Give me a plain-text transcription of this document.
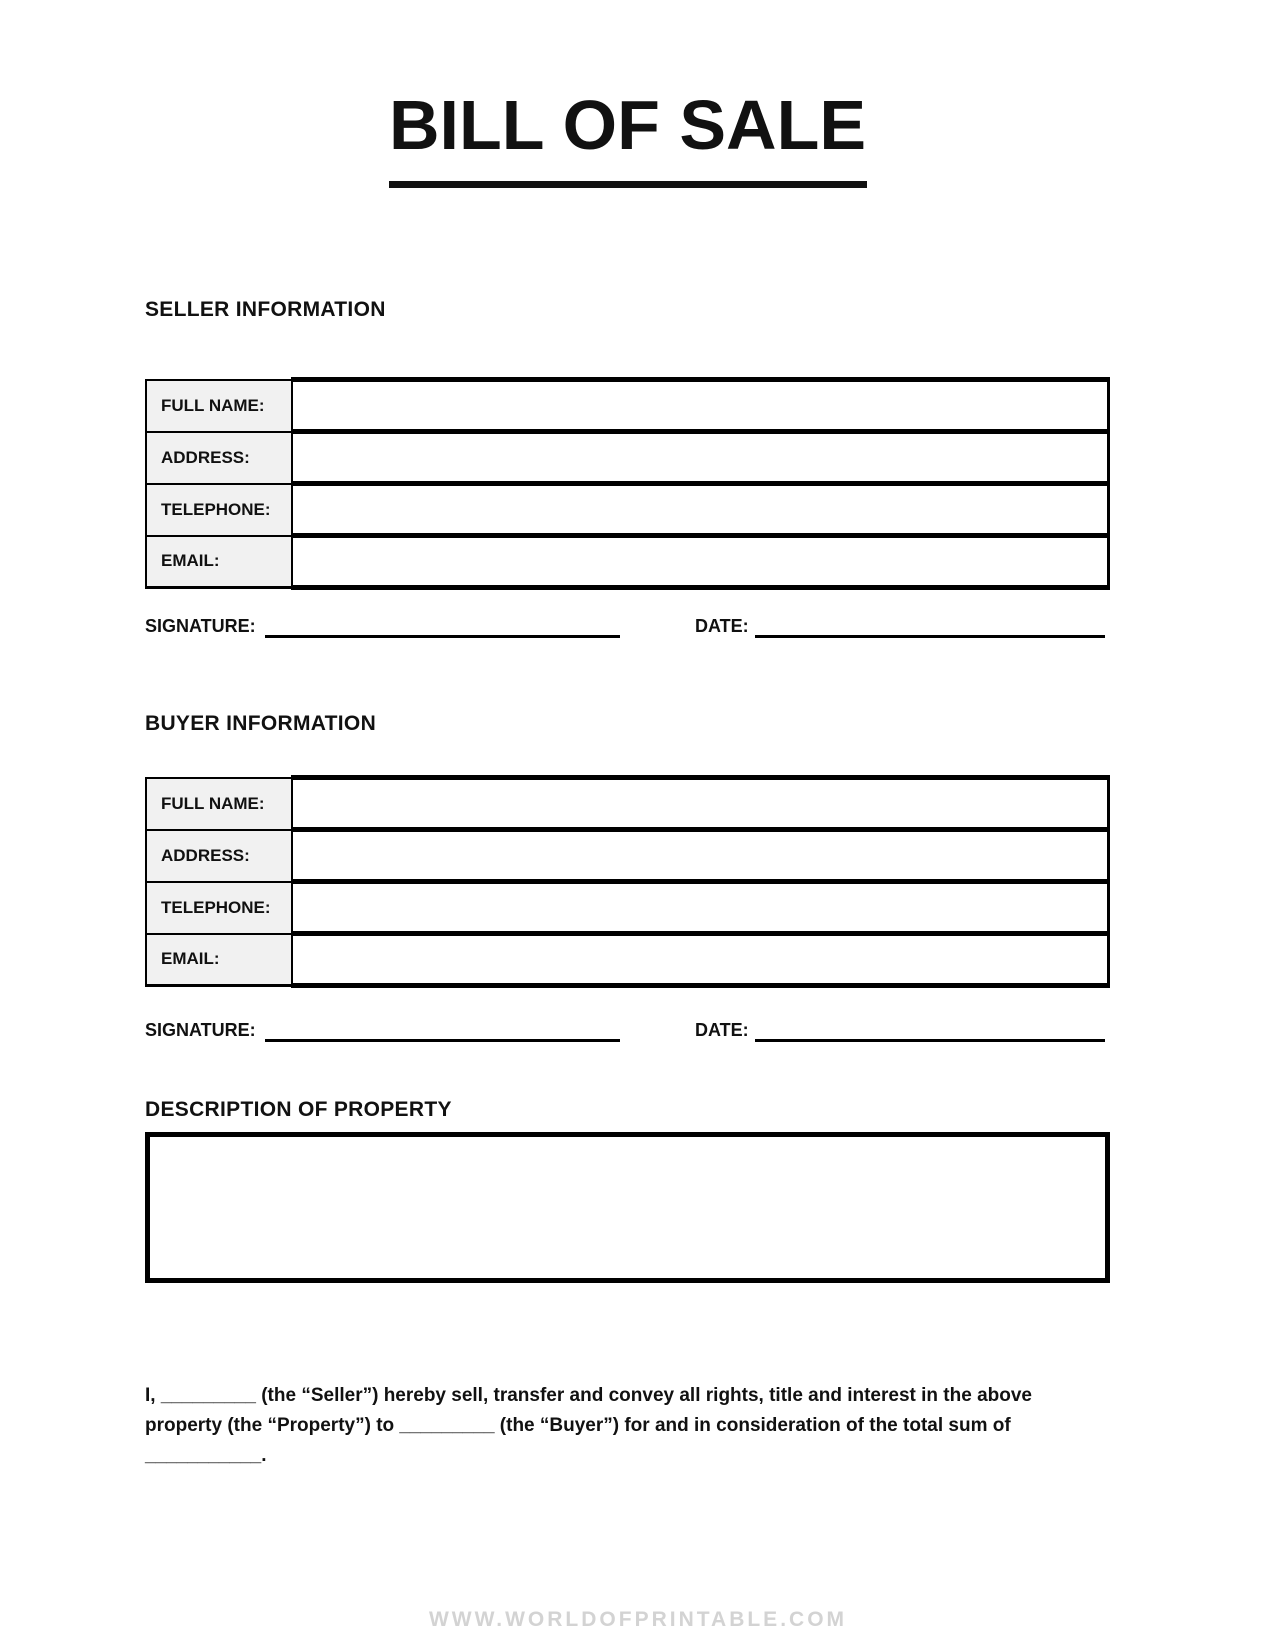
BILL OF SALE
SELLER INFORMATION
FULL NAME:	
ADDRESS:	
TELEPHONE:	
EMAIL:	
SIGNATURE:	DATE:
BUYER INFORMATION
FULL NAME:	
ADDRESS:	
TELEPHONE:	
EMAIL:	
SIGNATURE:	DATE:
DESCRIPTION OF PROPERTY

I, _________ (the “Seller”) hereby sell, transfer and convey all rights, title and interest in the above property (the “Property”) to _________ (the “Buyer”) for and in consideration of the total sum of ___________.

WWW.WORLDOFPRINTABLE.COM
